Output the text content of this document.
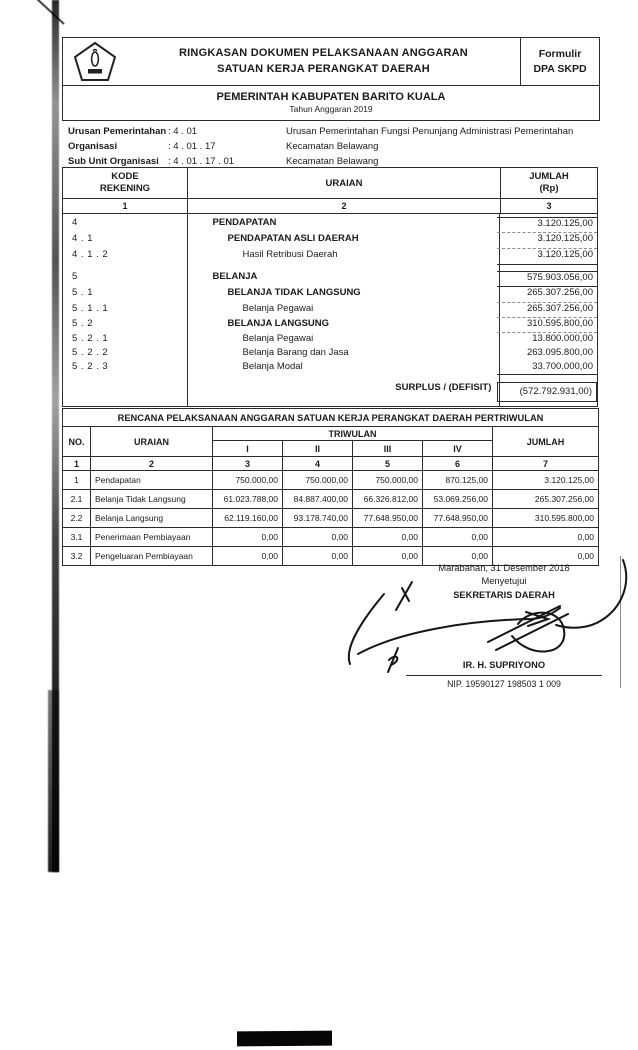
RINGKASAN DOKUMEN PELAKSANAAN ANGGARAN
SATUAN KERJA PERANGKAT DAERAH
Formulir
DPA SKPD
PEMERINTAH KABUPATEN BARITO KUALA
Tahun Anggaran 2019
Urusan Pemerintahan : 4 . 01	Urusan Pemerintahan Fungsi Penunjang Administrasi Pemerintahan
Organisasi	: 4 . 01 . 17	Kecamatan Belawang
Sub Unit Organisasi : 4 . 01 . 17 . 01	Kecamatan Belawang
KODE
REKENING	URAIAN
JUMLAH
(Rp)
1	2	3
4	PENDAPATAN	3.120.125,00
4 . 1	PENDAPATAN ASLI DAERAH	3.120.125,00
4 . 1 . 2	Hasil Retribusi Daerah	3.120.125,00
5	BELANJA	575.903.056,00
5 . 1	BELANJA TIDAK LANGSUNG	265.307.256,00
5 . 1 . 1	Belanja Pegawai	265.307.256,00
5 . 2	BELANJA LANGSUNG	310.595.800,00
5 . 2 . 1	Belanja Pegawai	13.800.000,00
5 . 2 . 2	Belanja Barang dan Jasa	263.095.800,00
5 . 2 . 3	Belanja Modal	33.700.000,00
SURPLUS / (DEFISIT)	(572.792.931,00)
RENCANA PELAKSANAAN ANGGARAN SATUAN KERJA PERANGKAT DAERAH PERTRIWULAN						
NO.	URAIAN	TRIWULAN				JUMLAH
		I	II	III	IV	
1	2	3	4	5	6	7
1	Pendapatan	750.000,00	750.000,00	750.000,00	870.125,00	3.120.125,00
2.1	Belanja Tidak Langsung	61.023.788,00	84.887.400,00	66.326.812,00	53.069.256,00	265.307.256,00
2.2	Belanja Langsung	62.119.160,00	93.178.740,00	77.648.950,00	77.648.950,00	310.595.800,00
3.1	Penerimaan Pembiayaan	0,00	0,00	0,00	0,00	0,00
3.2	Pengeluaran Pembiayaan	0,00	0,00	0,00	0,00	0,00
Marabahan, 31 Desember 2018
Menyetujui
SEKRETARIS DAERAH
IR. H. SUPRIYONO
NIP. 19590127 198503 1 009
